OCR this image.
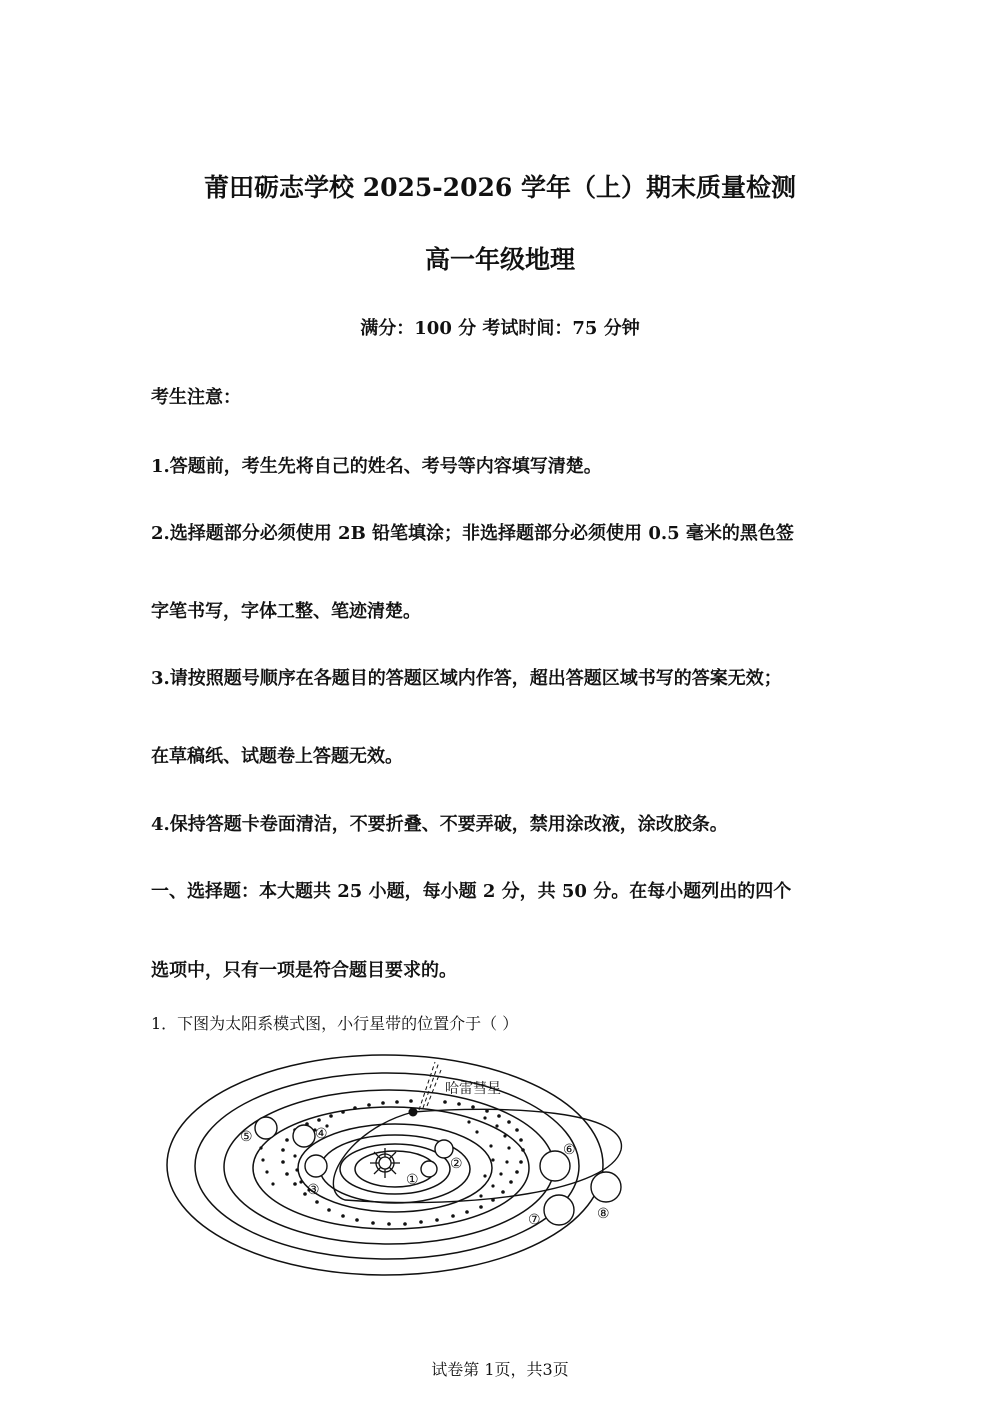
莆田砺志学校 2025-2026 学年（上）期末质量检测
高一年级地理
满分：100 分 考试时间：75 分钟
考生注意：
1.答题前，考生先将自己的姓名、考号等内容填写清楚。
2.选择题部分必须使用 2B 铅笔填涂；非选择题部分必须使用 0.5 毫米的黑色签
字笔书写，字体工整、笔迹清楚。
3.请按照题号顺序在各题目的答题区域内作答，超出答题区域书写的答案无效；
在草稿纸、试题卷上答题无效。
4.保持答题卡卷面清洁，不要折叠、不要弄破，禁用涂改液，涂改胶条。
一、选择题：本大题共 25 小题，每小题 2 分，共 50 分。在每小题列出的四个
选项中，只有一项是符合题目要求的。
1．下图为太阳系模式图，小行星带的位置介于（ ）
①
②
③
④
⑤
⑥
⑦	⑧
哈雷彗星
试卷第 1页，共3页
